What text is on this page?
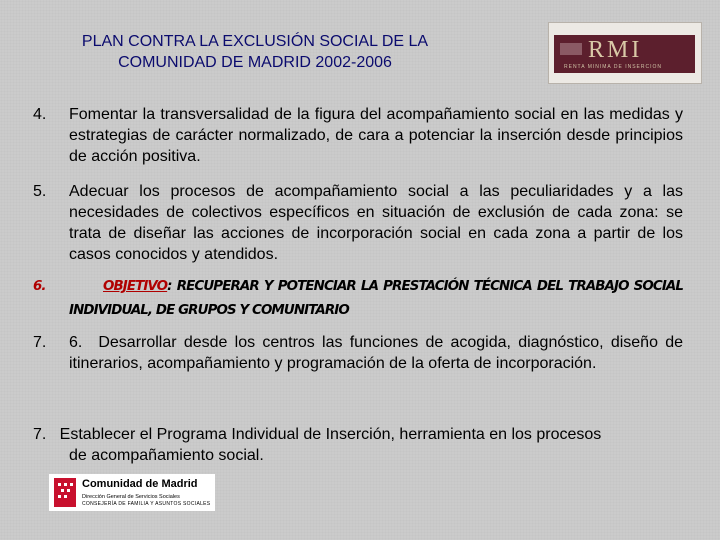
PLAN CONTRA LA EXCLUSIÓN SOCIAL DE LA
COMUNIDAD DE MADRID 2002-2006	RMI
RENTA MINIMA DE INSERCION
4. Fomentar la transversalidad de la figura del acompañamiento social en las medidas y estrategias de carácter normalizado, de cara a potenciar la inserción desde principios de acción positiva.
5. Adecuar los procesos de acompañamiento social a las peculiaridades y a las necesidades de colectivos específicos en situación de exclusión de cada zona: se trata de diseñar las acciones de incorporación social en cada zona a partir de los casos conocidos y atendidos.
6.	OBJETIVO: RECUPERAR Y POTENCIAR LA PRESTACIÓN TÉCNICA DEL TRABAJO SOCIAL INDIVIDUAL, DE GRUPOS Y COMUNITARIO
7. 6. Desarrollar desde los centros las funciones de acogida, diagnóstico, diseño de itinerarios, acompañamiento y programación de la oferta de incorporación.
7.   Establecer el Programa Individual de Inserción, herramienta en los procesos
de acompañamiento social.
Comunidad de Madrid
Dirección General de Servicios Sociales
CONSEJERÍA DE FAMILIA Y ASUNTOS SOCIALES
